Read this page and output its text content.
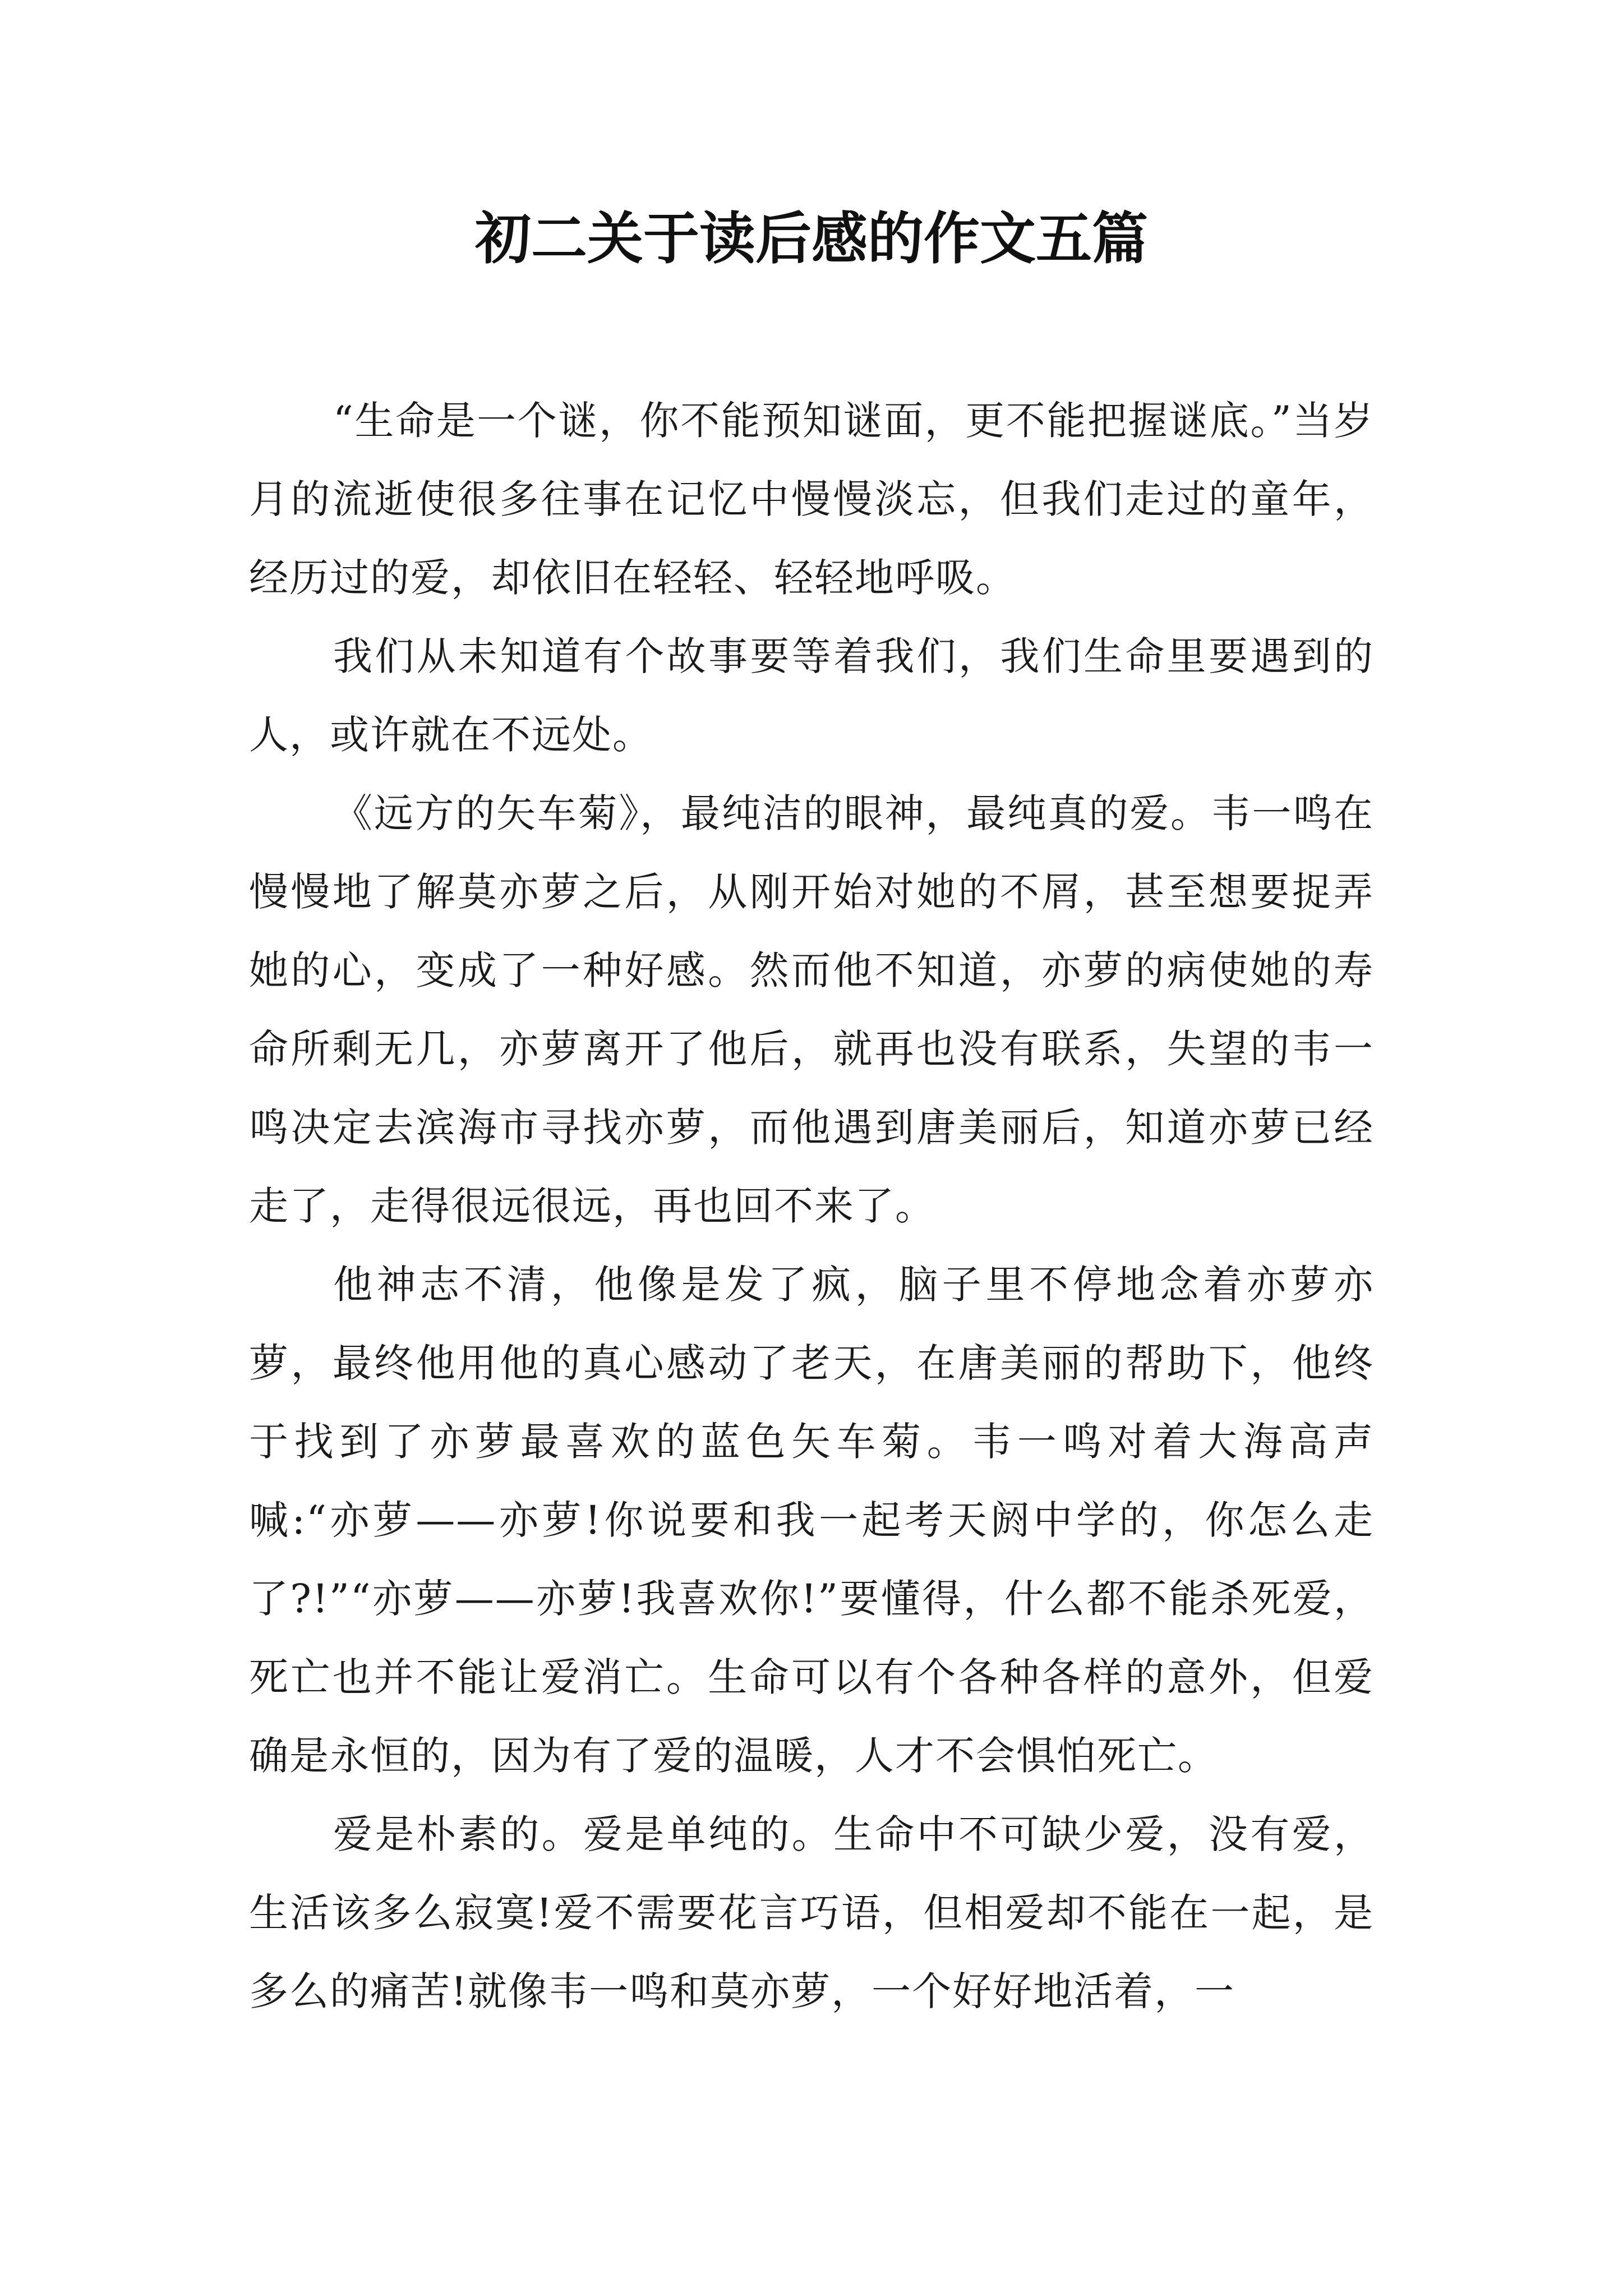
初二关于读后感的作文五篇

“生命是一个谜，你不能预知谜面，更不能把握谜底。”当岁月的流逝使很多往事在记忆中慢慢淡忘，但我们走过的童年，经历过的爱，却依旧在轻轻、轻轻地呼吸。

我们从未知道有个故事要等着我们，我们生命里要遇到的人，或许就在不远处。

《远方的矢车菊》，最纯洁的眼神，最纯真的爱。韦一鸣在慢慢地了解莫亦萝之后，从刚开始对她的不屑，甚至想要捉弄她的心，变成了一种好感。然而他不知道，亦萝的病使她的寿命所剩无几，亦萝离开了他后，就再也没有联系，失望的韦一鸣决定去滨海市寻找亦萝，而他遇到唐美丽后，知道亦萝已经走了，走得很远很远，再也回不来了。

他神志不清，他像是发了疯，脑子里不停地念着亦萝亦萝，最终他用他的真心感动了老天，在唐美丽的帮助下，他终于找到了亦萝最喜欢的蓝色矢车菊。韦一鸣对着大海高声喊:“亦萝——亦萝!你说要和我一起考天阏中学的，你怎么走了?!”“亦萝——亦萝!我喜欢你!”要懂得，什么都不能杀死爱，死亡也并不能让爱消亡。生命可以有个各种各样的意外，但爱确是永恒的，因为有了爱的温暖，人才不会惧怕死亡。

爱是朴素的。爱是单纯的。生命中不可缺少爱，没有爱，生活该多么寂寞!爱不需要花言巧语，但相爱却不能在一起，是多么的痛苦!就像韦一鸣和莫亦萝，一个好好地活着，一
